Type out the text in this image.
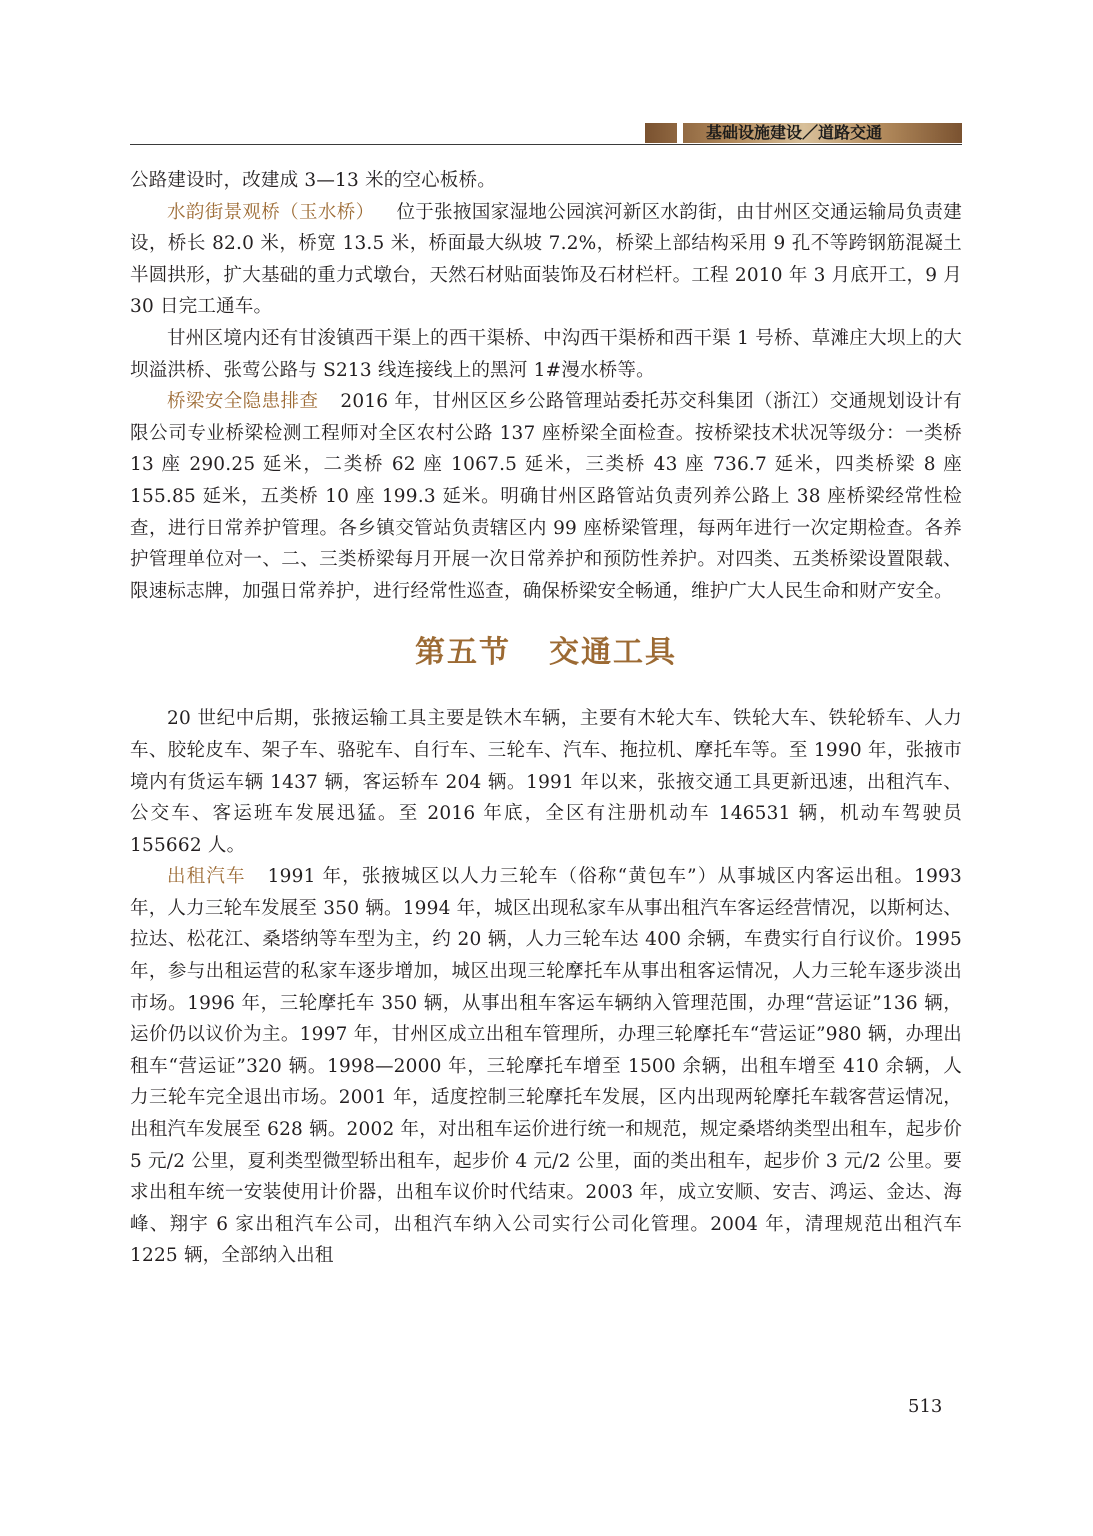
基础设施建设／道路交通

公路建设时，改建成 3—13 米的空心板桥。

水韵街景观桥（玉水桥） 位于张掖国家湿地公园滨河新区水韵街，由甘州区交通运输局负责建设，桥长 82.0 米，桥宽 13.5 米，桥面最大纵坡 7.2%，桥梁上部结构采用 9 孔不等跨钢筋混凝土半圆拱形，扩大基础的重力式墩台，天然石材贴面装饰及石材栏杆。工程 2010 年 3 月底开工，9 月 30 日完工通车。

甘州区境内还有甘浚镇西干渠上的西干渠桥、中沟西干渠桥和西干渠 1 号桥、草滩庄大坝上的大坝溢洪桥、张莺公路与 S213 线连接线上的黑河 1#漫水桥等。

桥梁安全隐患排查 2016 年，甘州区区乡公路管理站委托苏交科集团（浙江）交通规划设计有限公司专业桥梁检测工程师对全区农村公路 137 座桥梁全面检查。按桥梁技术状况等级分：一类桥 13 座 290.25 延米，二类桥 62 座 1067.5 延米，三类桥 43 座 736.7 延米，四类桥梁 8 座 155.85 延米，五类桥 10 座 199.3 延米。明确甘州区路管站负责列养公路上 38 座桥梁经常性检查，进行日常养护管理。各乡镇交管站负责辖区内 99 座桥梁管理，每两年进行一次定期检查。各养护管理单位对一、二、三类桥梁每月开展一次日常养护和预防性养护。对四类、五类桥梁设置限载、限速标志牌，加强日常养护，进行经常性巡查，确保桥梁安全畅通，维护广大人民生命和财产安全。

第五节 交通工具

20 世纪中后期，张掖运输工具主要是铁木车辆，主要有木轮大车、铁轮大车、铁轮轿车、人力车、胶轮皮车、架子车、骆驼车、自行车、三轮车、汽车、拖拉机、摩托车等。至 1990 年，张掖市境内有货运车辆 1437 辆，客运轿车 204 辆。1991 年以来，张掖交通工具更新迅速，出租汽车、公交车、客运班车发展迅猛。至 2016 年底，全区有注册机动车 146531 辆，机动车驾驶员 155662 人。

出租汽车 1991 年，张掖城区以人力三轮车（俗称“黄包车”）从事城区内客运出租。1993 年，人力三轮车发展至 350 辆。1994 年，城区出现私家车从事出租汽车客运经营情况，以斯柯达、拉达、松花江、桑塔纳等车型为主，约 20 辆，人力三轮车达 400 余辆，车费实行自行议价。1995 年，参与出租运营的私家车逐步增加，城区出现三轮摩托车从事出租客运情况，人力三轮车逐步淡出市场。1996 年，三轮摩托车 350 辆，从事出租车客运车辆纳入管理范围，办理“营运证”136 辆，运价仍以议价为主。1997 年，甘州区成立出租车管理所，办理三轮摩托车“营运证”980 辆，办理出租车“营运证”320 辆。1998—2000 年，三轮摩托车增至 1500 余辆，出租车增至 410 余辆，人力三轮车完全退出市场。2001 年，适度控制三轮摩托车发展，区内出现两轮摩托车载客营运情况，出租汽车发展至 628 辆。2002 年，对出租车运价进行统一和规范，规定桑塔纳类型出租车，起步价 5 元/2 公里，夏利类型微型轿出租车，起步价 4 元/2 公里，面的类出租车，起步价 3 元/2 公里。要求出租车统一安装使用计价器，出租车议价时代结束。2003 年，成立安顺、安吉、鸿运、金达、海峰、翔宇 6 家出租汽车公司，出租汽车纳入公司实行公司化管理。2004 年，清理规范出租汽车 1225 辆，全部纳入出租

513
